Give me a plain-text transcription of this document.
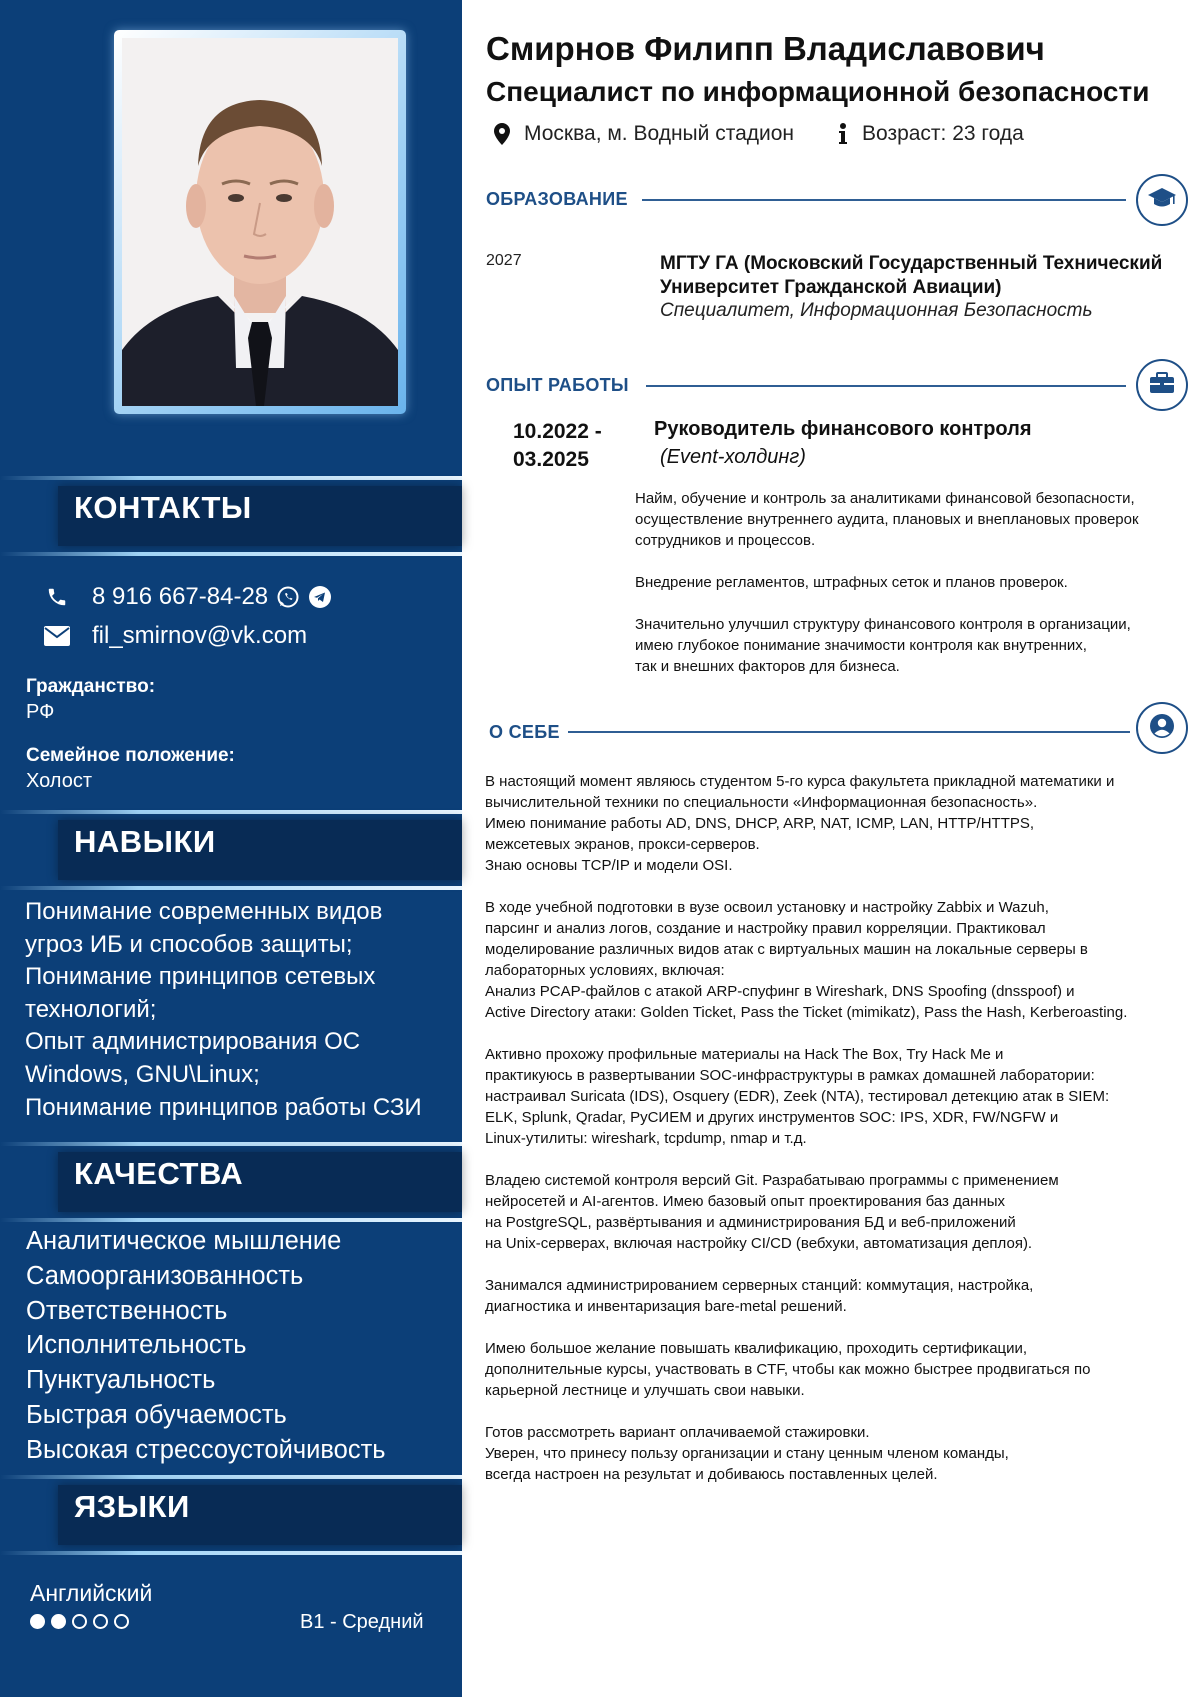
КОНТАКТЫ
8 916 667-84-28
fil_smirnov@vk.com
Гражданство:
РФ
Семейное положение:
Холост
НАВЫКИ
Понимание современных видов
угроз ИБ и способов защиты;
Понимание принципов сетевых
технологий;
Опыт администрирования ОС
Windows, GNU\Linux;
Понимание принципов работы СЗИ
КАЧЕСТВА
Аналитическое мышление
Самоорганизованность
Ответственность
Исполнительность
Пунктуальность
Быстрая обучаемость
Высокая стрессоустойчивость
ЯЗЫКИ
Английский
B1 - Средний
Смирнов Филипп Владиславович
Специалист по информационной безопасности
Москва, м. Водный стадион	Возраст: 23 года
ОБРАЗОВАНИЕ
2027	МГТУ ГА (Московский Государственный Технический Университет Гражданской Авиации)
Специалитет, Информационная Безопасность
ОПЫТ РАБОТЫ
10.2022 -
03.2025
Руководитель финансового контроля
(Event-холдинг)

Найм, обучение и контроль за аналитиками финансовой безопасности,
осуществление внутреннего аудита, плановых и внеплановых проверок
сотрудников и процессов.

Внедрение регламентов, штрафных сеток и планов проверок.

Значительно улучшил структуру финансового контроля в организации,
имею глубокое понимание значимости контроля как внутренних,
так и внешних факторов для бизнеса.

О СЕБЕ

В настоящий момент являюсь студентом 5-го курса факультета прикладной математики и
вычислительной техники по специальности «Информационная безопасность».
Имею понимание работы AD, DNS, DHCP, ARP, NAT, ICMP, LAN, HTTP/HTTPS,
межсетевых экранов, прокси-серверов.
Знаю основы TCP/IP и модели OSI.

В ходе учебной подготовки в вузе освоил установку и настройку Zabbix и Wazuh,
парсинг и анализ логов, создание и настройку правил корреляции. Практиковал
моделирование различных видов атак с виртуальных машин на локальные серверы в
лабораторных условиях, включая:
Анализ PCAP-файлов с атакой ARP-спуфинг в Wireshark, DNS Spoofing (dnsspoof) и
Active Directory атаки: Golden Ticket, Pass the Ticket (mimikatz), Pass the Hash, Kerberoasting.

Активно прохожу профильные материалы на Hack The Box, Try Hack Me и
практикуюсь в развертывании SOC-инфраструктуры в рамках домашней лаборатории:
настраивал Suricata (IDS), Osquery (EDR), Zeek (NTA), тестировал детекцию атак в SIEM:
ELK, Splunk, Qradar, PyСИЕМ и других инструментов SOC: IPS, XDR, FW/NGFW и
Linux-утилиты: wireshark, tcpdump, nmap и т.д.

Владею системой контроля версий Git. Разрабатываю программы с применением
нейросетей и AI-агентов. Имею базовый опыт проектирования баз данных
на PostgreSQL, развёртывания и администрирования БД и веб-приложений
на Unix-серверах, включая настройку CI/CD (вебхуки, автоматизация деплоя).

Занимался администрированием серверных станций: коммутация, настройка,
диагностика и инвентаризация bare-metal решений.

Имею большое желание повышать квалификацию, проходить сертификации,
дополнительные курсы, участвовать в CTF, чтобы как можно быстрее продвигаться по
карьерной лестнице и улучшать свои навыки.

Готов рассмотреть вариант оплачиваемой стажировки.
Уверен, что принесу пользу организации и стану ценным членом команды,
всегда настроен на результат и добиваюсь поставленных целей.
